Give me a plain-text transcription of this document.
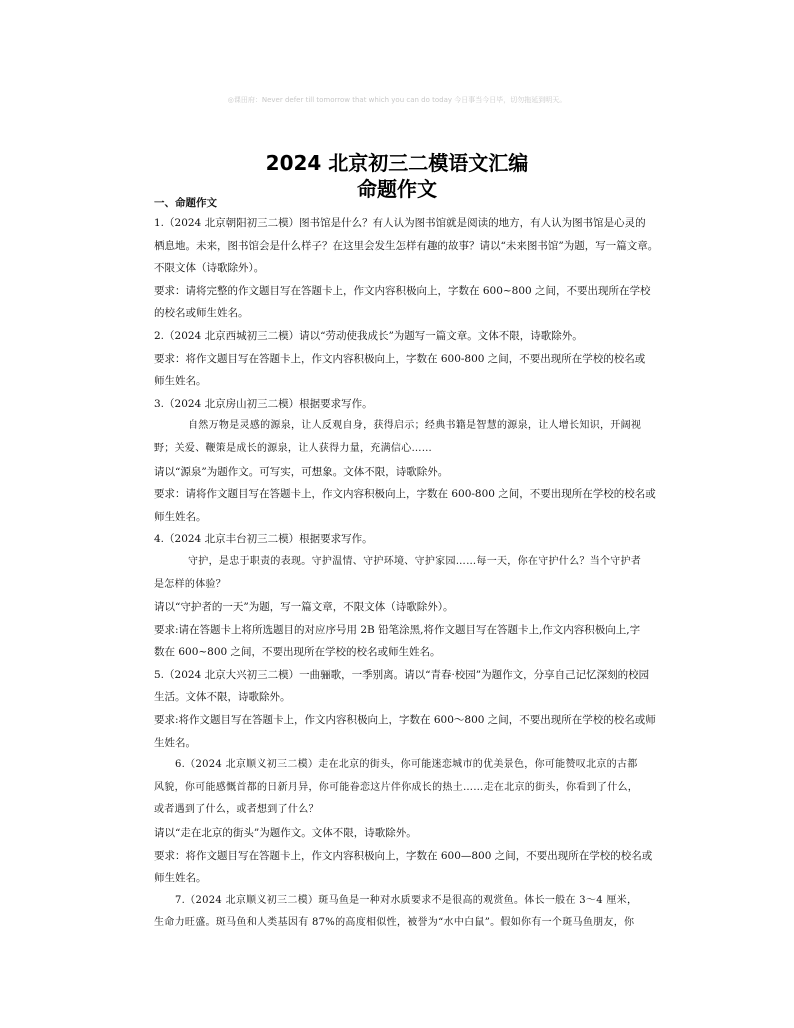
◎课田府：Never defer till tomorrow that which you can do today 今日事当今日毕，切勿拖延到明天。
2024 北京初三二模语文汇编
命题作文
一、命题作文
1.（2024 北京朝阳初三二模）图书馆是什么？有人认为图书馆就是阅读的地方，有人认为图书馆是心灵的
栖息地。未来，图书馆会是什么样子？在这里会发生怎样有趣的故事？请以“未来图书馆”为题，写一篇文章。
不限文体（诗歌除外）。
要求：请将完整的作文题目写在答题卡上，作文内容积极向上，字数在 600~800 之间，不要出现所在学校
的校名或师生姓名。
2.（2024 北京西城初三二模）请以“劳动使我成长”为题写一篇文章。文体不限，诗歌除外。
要求：将作文题目写在答题卡上，作文内容积极向上，字数在 600-800 之间，不要出现所在学校的校名或
师生姓名。
3.（2024 北京房山初三二模）根据要求写作。
自然万物是灵感的源泉，让人反观自身，获得启示；经典书籍是智慧的源泉，让人增长知识，开阔视
野；关爱、鞭策是成长的源泉，让人获得力量，充满信心……
请以“源泉”为题作文。可写实，可想象。文体不限，诗歌除外。
要求：请将作文题目写在答题卡上，作文内容积极向上，字数在 600-800 之间，不要出现所在学校的校名或
师生姓名。
4.（2024 北京丰台初三二模）根据要求写作。
守护，是忠于职责的表现。守护温情、守护环境、守护家园……每一天，你在守护什么？当个守护者
是怎样的体验？
请以“守护者的一天”为题，写一篇文章，不限文体（诗歌除外）。
要求:请在答题卡上将所选题目的对应序号用 2B 铅笔涂黑,将作文题目写在答题卡上,作文内容积极向上,字
数在 600~800 之间，不要出现所在学校的校名或师生姓名。
5.（2024 北京大兴初三二模）一曲骊歌，一季别离。请以“青春·校园”为题作文，分享自己记忆深刻的校园
生活。文体不限，诗歌除外。
要求:将作文题目写在答题卡上，作文内容积极向上，字数在 600～800 之间，不要出现所在学校的校名或师
生姓名。
6.（2024 北京顺义初三二模）走在北京的街头，你可能迷恋城市的优美景色，你可能赞叹北京的古都
风貌，你可能感慨首都的日新月异，你可能眷恋这片伴你成长的热土……走在北京的街头，你看到了什么，
或者遇到了什么，或者想到了什么？
请以“走在北京的街头”为题作文。文体不限，诗歌除外。
要求：将作文题目写在答题卡上，作文内容积极向上，字数在 600—800 之间，不要出现所在学校的校名或
师生姓名。
7.（2024 北京顺义初三二模）斑马鱼是一种对水质要求不是很高的观赏鱼。体长一般在 3～4 厘米，
生命力旺盛。斑马鱼和人类基因有 87%的高度相似性，被誉为“水中白鼠”。假如你有一个斑马鱼朋友，你
